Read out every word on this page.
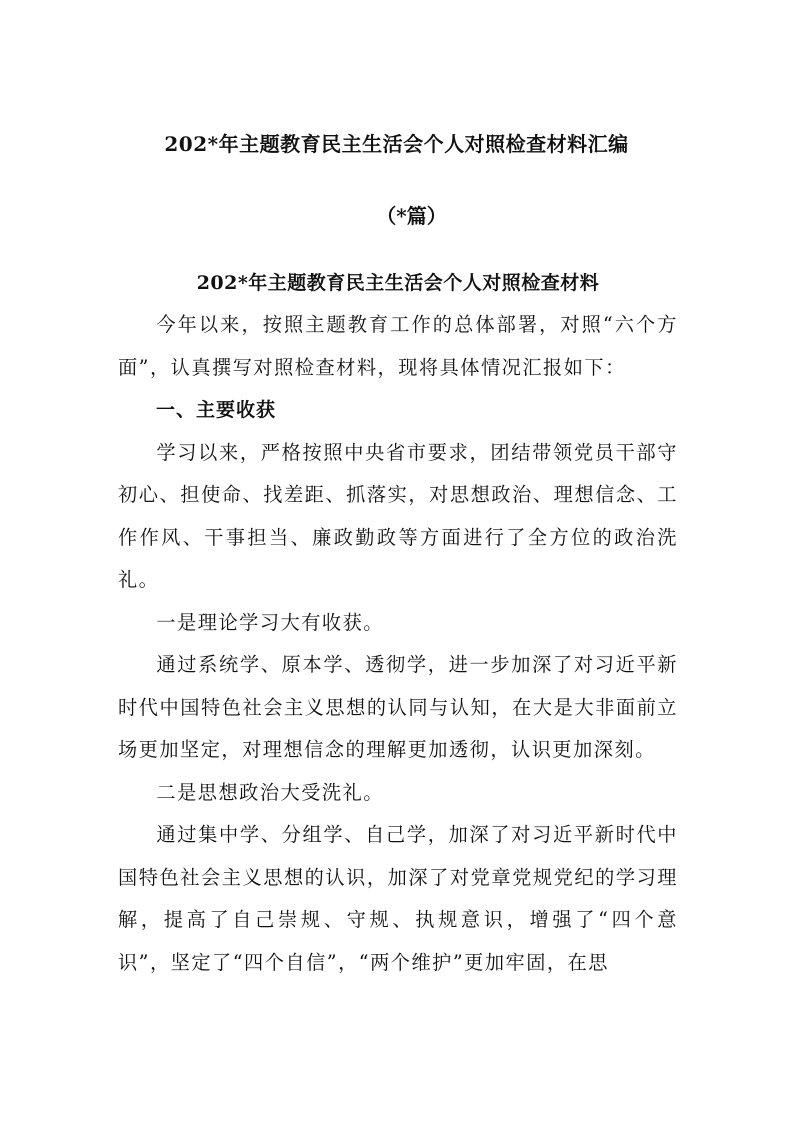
202*年主题教育民主生活会个人对照检查材料汇编
（*篇）
202*年主题教育民主生活会个人对照检查材料

今年以来，按照主题教育工作的总体部署，对照“六个方面”，认真撰写对照检查材料，现将具体情况汇报如下：

一、主要收获

学习以来，严格按照中央省市要求，团结带领党员干部守初心、担使命、找差距、抓落实，对思想政治、理想信念、工作作风、干事担当、廉政勤政等方面进行了全方位的政治洗礼。

一是理论学习大有收获。

通过系统学、原本学、透彻学，进一步加深了对习近平新时代中国特色社会主义思想的认同与认知，在大是大非面前立场更加坚定，对理想信念的理解更加透彻，认识更加深刻。

二是思想政治大受洗礼。

通过集中学、分组学、自己学，加深了对习近平新时代中国特色社会主义思想的认识，加深了对党章党规党纪的学习理解，提高了自己崇规、守规、执规意识，增强了“四个意识”，坚定了“四个自信”，“两个维护”更加牢固，在思
